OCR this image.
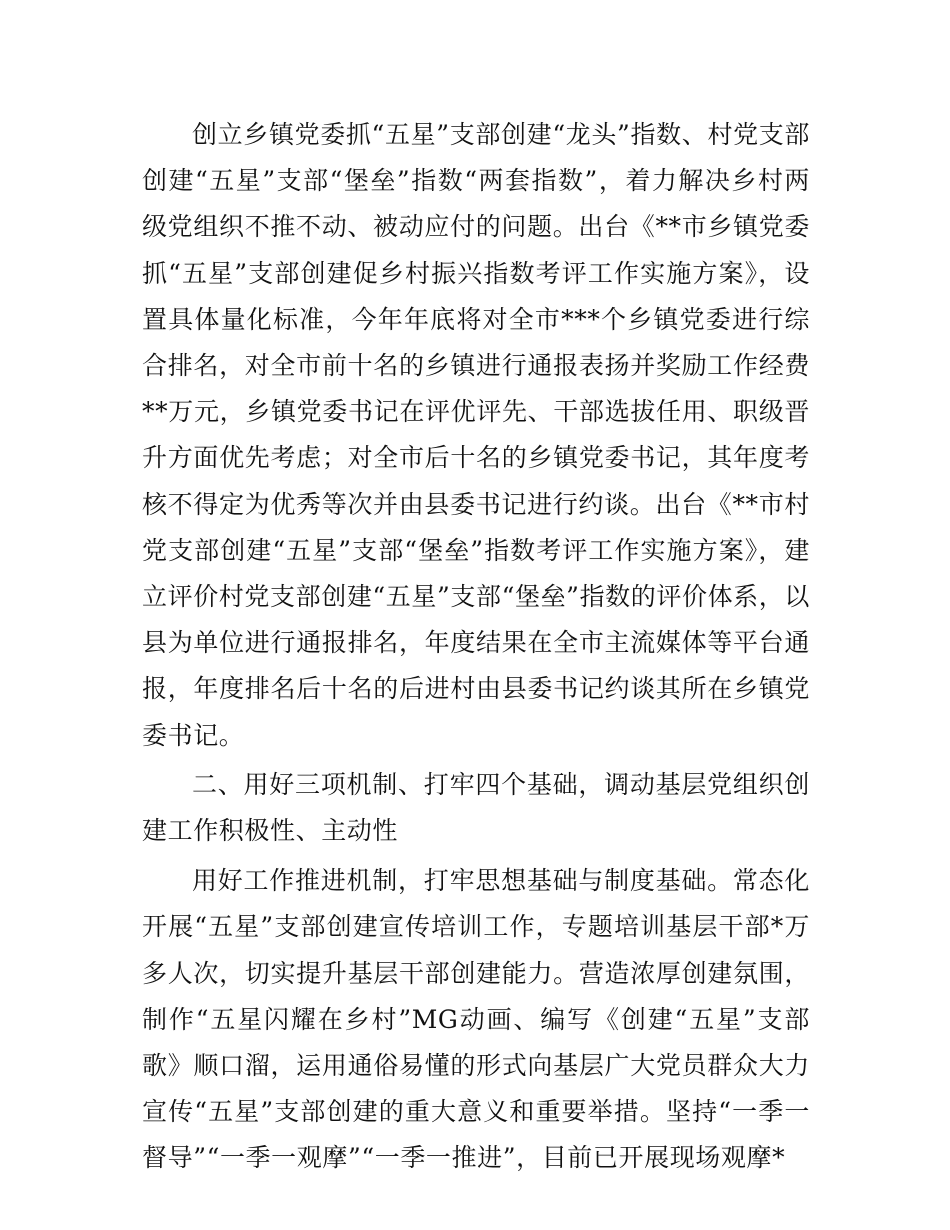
创立乡镇党委抓“五星”支部创建“龙头”指数、村党支部创建“五星”支部“堡垒”指数“两套指数”，着力解决乡村两级党组织不推不动、被动应付的问题。出台《**市乡镇党委抓“五星”支部创建促乡村振兴指数考评工作实施方案》，设置具体量化标准，今年年底将对全市***个乡镇党委进行综合排名，对全市前十名的乡镇进行通报表扬并奖励工作经费**万元，乡镇党委书记在评优评先、干部选拔任用、职级晋升方面优先考虑；对全市后十名的乡镇党委书记，其年度考核不得定为优秀等次并由县委书记进行约谈。出台《**市村党支部创建“五星”支部“堡垒”指数考评工作实施方案》，建立评价村党支部创建“五星”支部“堡垒”指数的评价体系，以县为单位进行通报排名，年度结果在全市主流媒体等平台通报，年度排名后十名的后进村由县委书记约谈其所在乡镇党委书记。

二、用好三项机制、打牢四个基础，调动基层党组织创建工作积极性、主动性

用好工作推进机制，打牢思想基础与制度基础。常态化开展“五星”支部创建宣传培训工作，专题培训基层干部*万多人次，切实提升基层干部创建能力。营造浓厚创建氛围，制作“五星闪耀在乡村”MG动画、编写《创建“五星”支部歌》顺口溜，运用通俗易懂的形式向基层广大党员群众大力宣传“五星”支部创建的重大意义和重要举措。坚持“一季一督导”“一季一观摩”“一季一推进”，目前已开展现场观摩*
